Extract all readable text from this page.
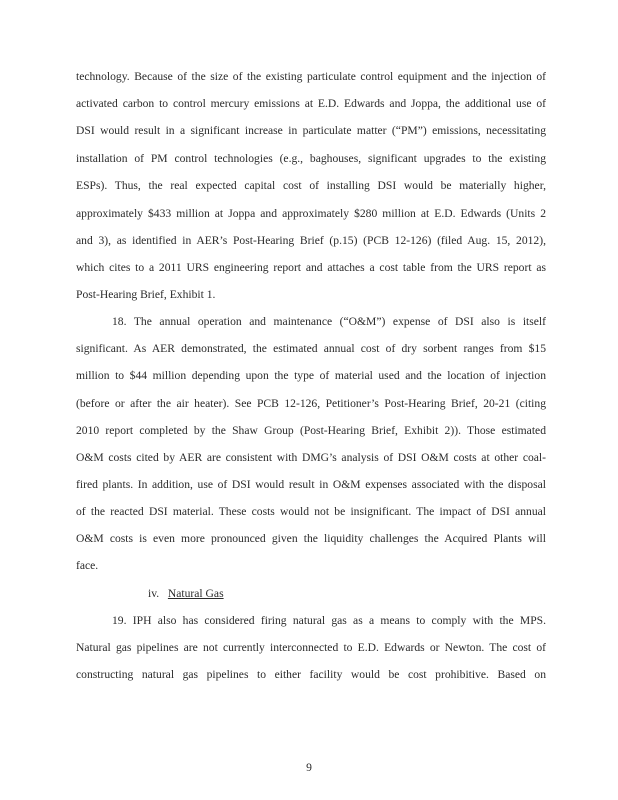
technology. Because of the size of the existing particulate control equipment and the injection of
activated carbon to control mercury emissions at E.D. Edwards and Joppa, the additional use of
DSI would result in a significant increase in particulate matter (“PM”) emissions, necessitating
installation of PM control technologies (e.g., baghouses, significant upgrades to the existing
ESPs). Thus, the real expected capital cost of installing DSI would be materially higher,
approximately $433 million at Joppa and approximately $280 million at E.D. Edwards (Units 2
and 3), as identified in AER’s Post-Hearing Brief (p.15) (PCB 12-126) (filed Aug. 15, 2012),
which cites to a 2011 URS engineering report and attaches a cost table from the URS report as
Post-Hearing Brief, Exhibit 1.
18. The annual operation and maintenance (“O&M”) expense of DSI also is itself
significant. As AER demonstrated, the estimated annual cost of dry sorbent ranges from $15
million to $44 million depending upon the type of material used and the location of injection
(before or after the air heater). See PCB 12-126, Petitioner’s Post-Hearing Brief, 20-21 (citing
2010 report completed by the Shaw Group (Post-Hearing Brief, Exhibit 2)). Those estimated
O&M costs cited by AER are consistent with DMG’s analysis of DSI O&M costs at other coal-
fired plants. In addition, use of DSI would result in O&M expenses associated with the disposal
of the reacted DSI material. These costs would not be insignificant. The impact of DSI annual
O&M costs is even more pronounced given the liquidity challenges the Acquired Plants will
face.
iv. Natural Gas
19. IPH also has considered firing natural gas as a means to comply with the MPS.
Natural gas pipelines are not currently interconnected to E.D. Edwards or Newton. The cost of
constructing natural gas pipelines to either facility would be cost prohibitive. Based on
9
